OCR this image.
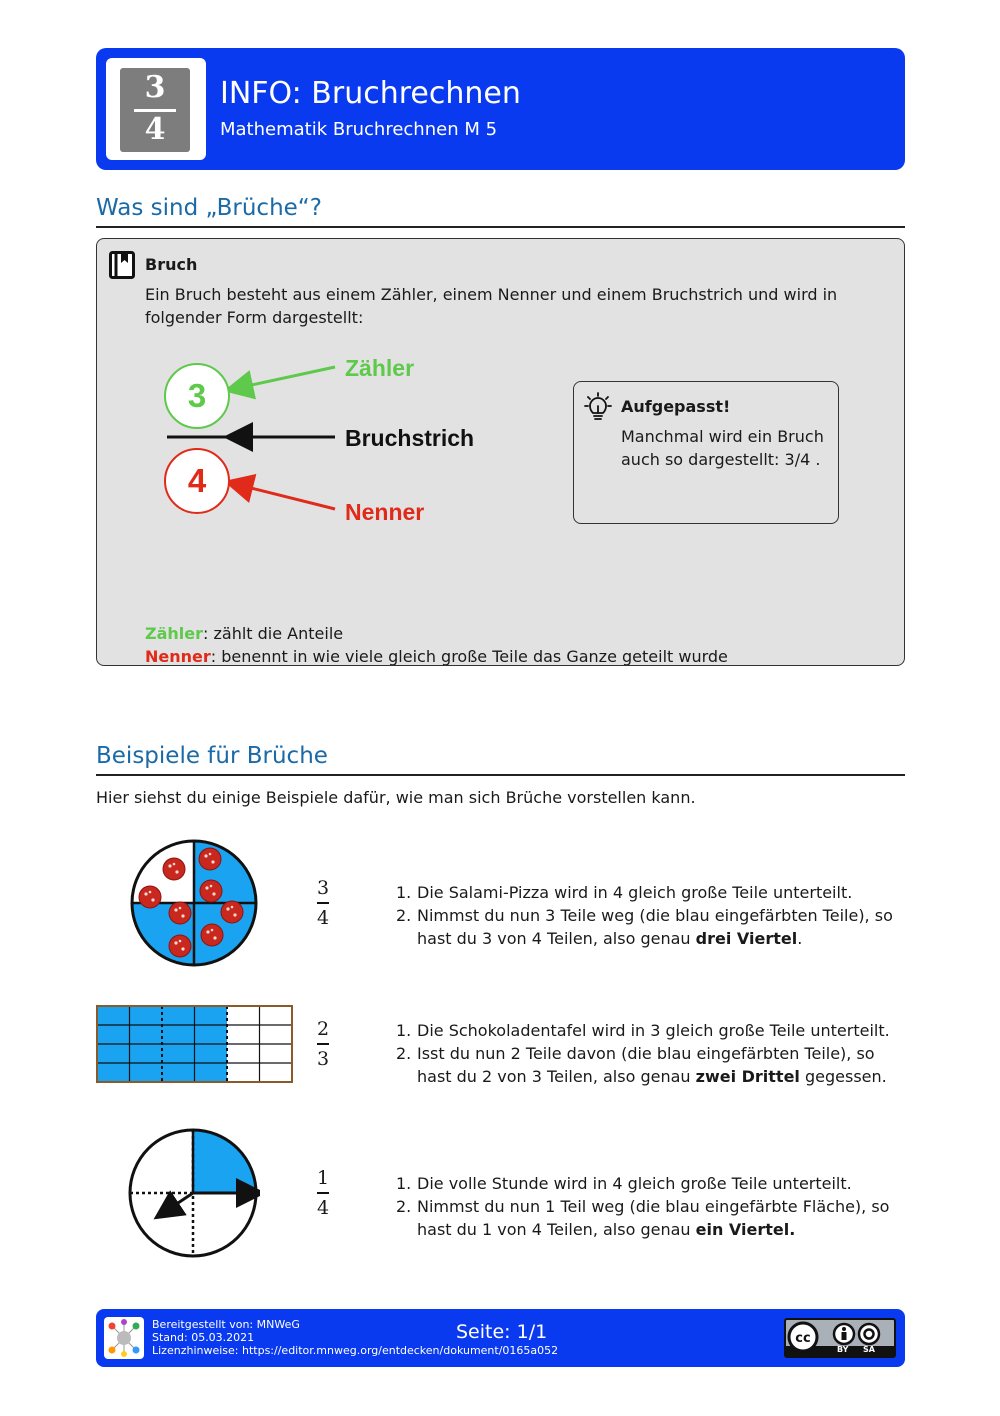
3
4
INFO: Bruchrechnen
Mathematik Bruchrechnen M 5
Was sind „Brüche“?
Bruch
Ein Bruch besteht aus einem Zähler, einem Nenner und einem Bruchstrich und wird in folgender Form dargestellt:
3
4
Zähler
Bruchstrich
Nenner
Aufgepasst!
Manchmal wird ein Bruch auch so dargestellt: 3/4 .
Zähler: zählt die Anteile
Nenner: benennt in wie viele gleich große Teile das Ganze geteilt wurde
Beispiele für Brüche
Hier siehst du einige Beispiele dafür, wie man sich Brüche vorstellen kann.
3
4
1. Die Salami-Pizza wird in 4 gleich große Teile unterteilt.
2. Nimmst du nun 3 Teile weg (die blau eingefärbten Teile), so hast du 3 von 4 Teilen, also genau drei Viertel.
2
3
1. Die Schokoladentafel wird in 3 gleich große Teile unterteilt.
2. Isst du nun 2 Teile davon (die blau eingefärbten Teile), so hast du 2 von 3 Teilen, also genau zwei Drittel gegessen.
1
4
1. Die volle Stunde wird in 4 gleich große Teile unterteilt.
2. Nimmst du nun 1 Teil weg (die blau eingefärbte Fläche), so hast du 1 von 4 Teilen, also genau ein Viertel.
Bereitgestellt von: MNWeG
Stand: 05.03.2021
Lizenzhinweise: https://editor.mnweg.org/entdecken/dokument/0165a052
Seite: 1/1	cc
BY SA
